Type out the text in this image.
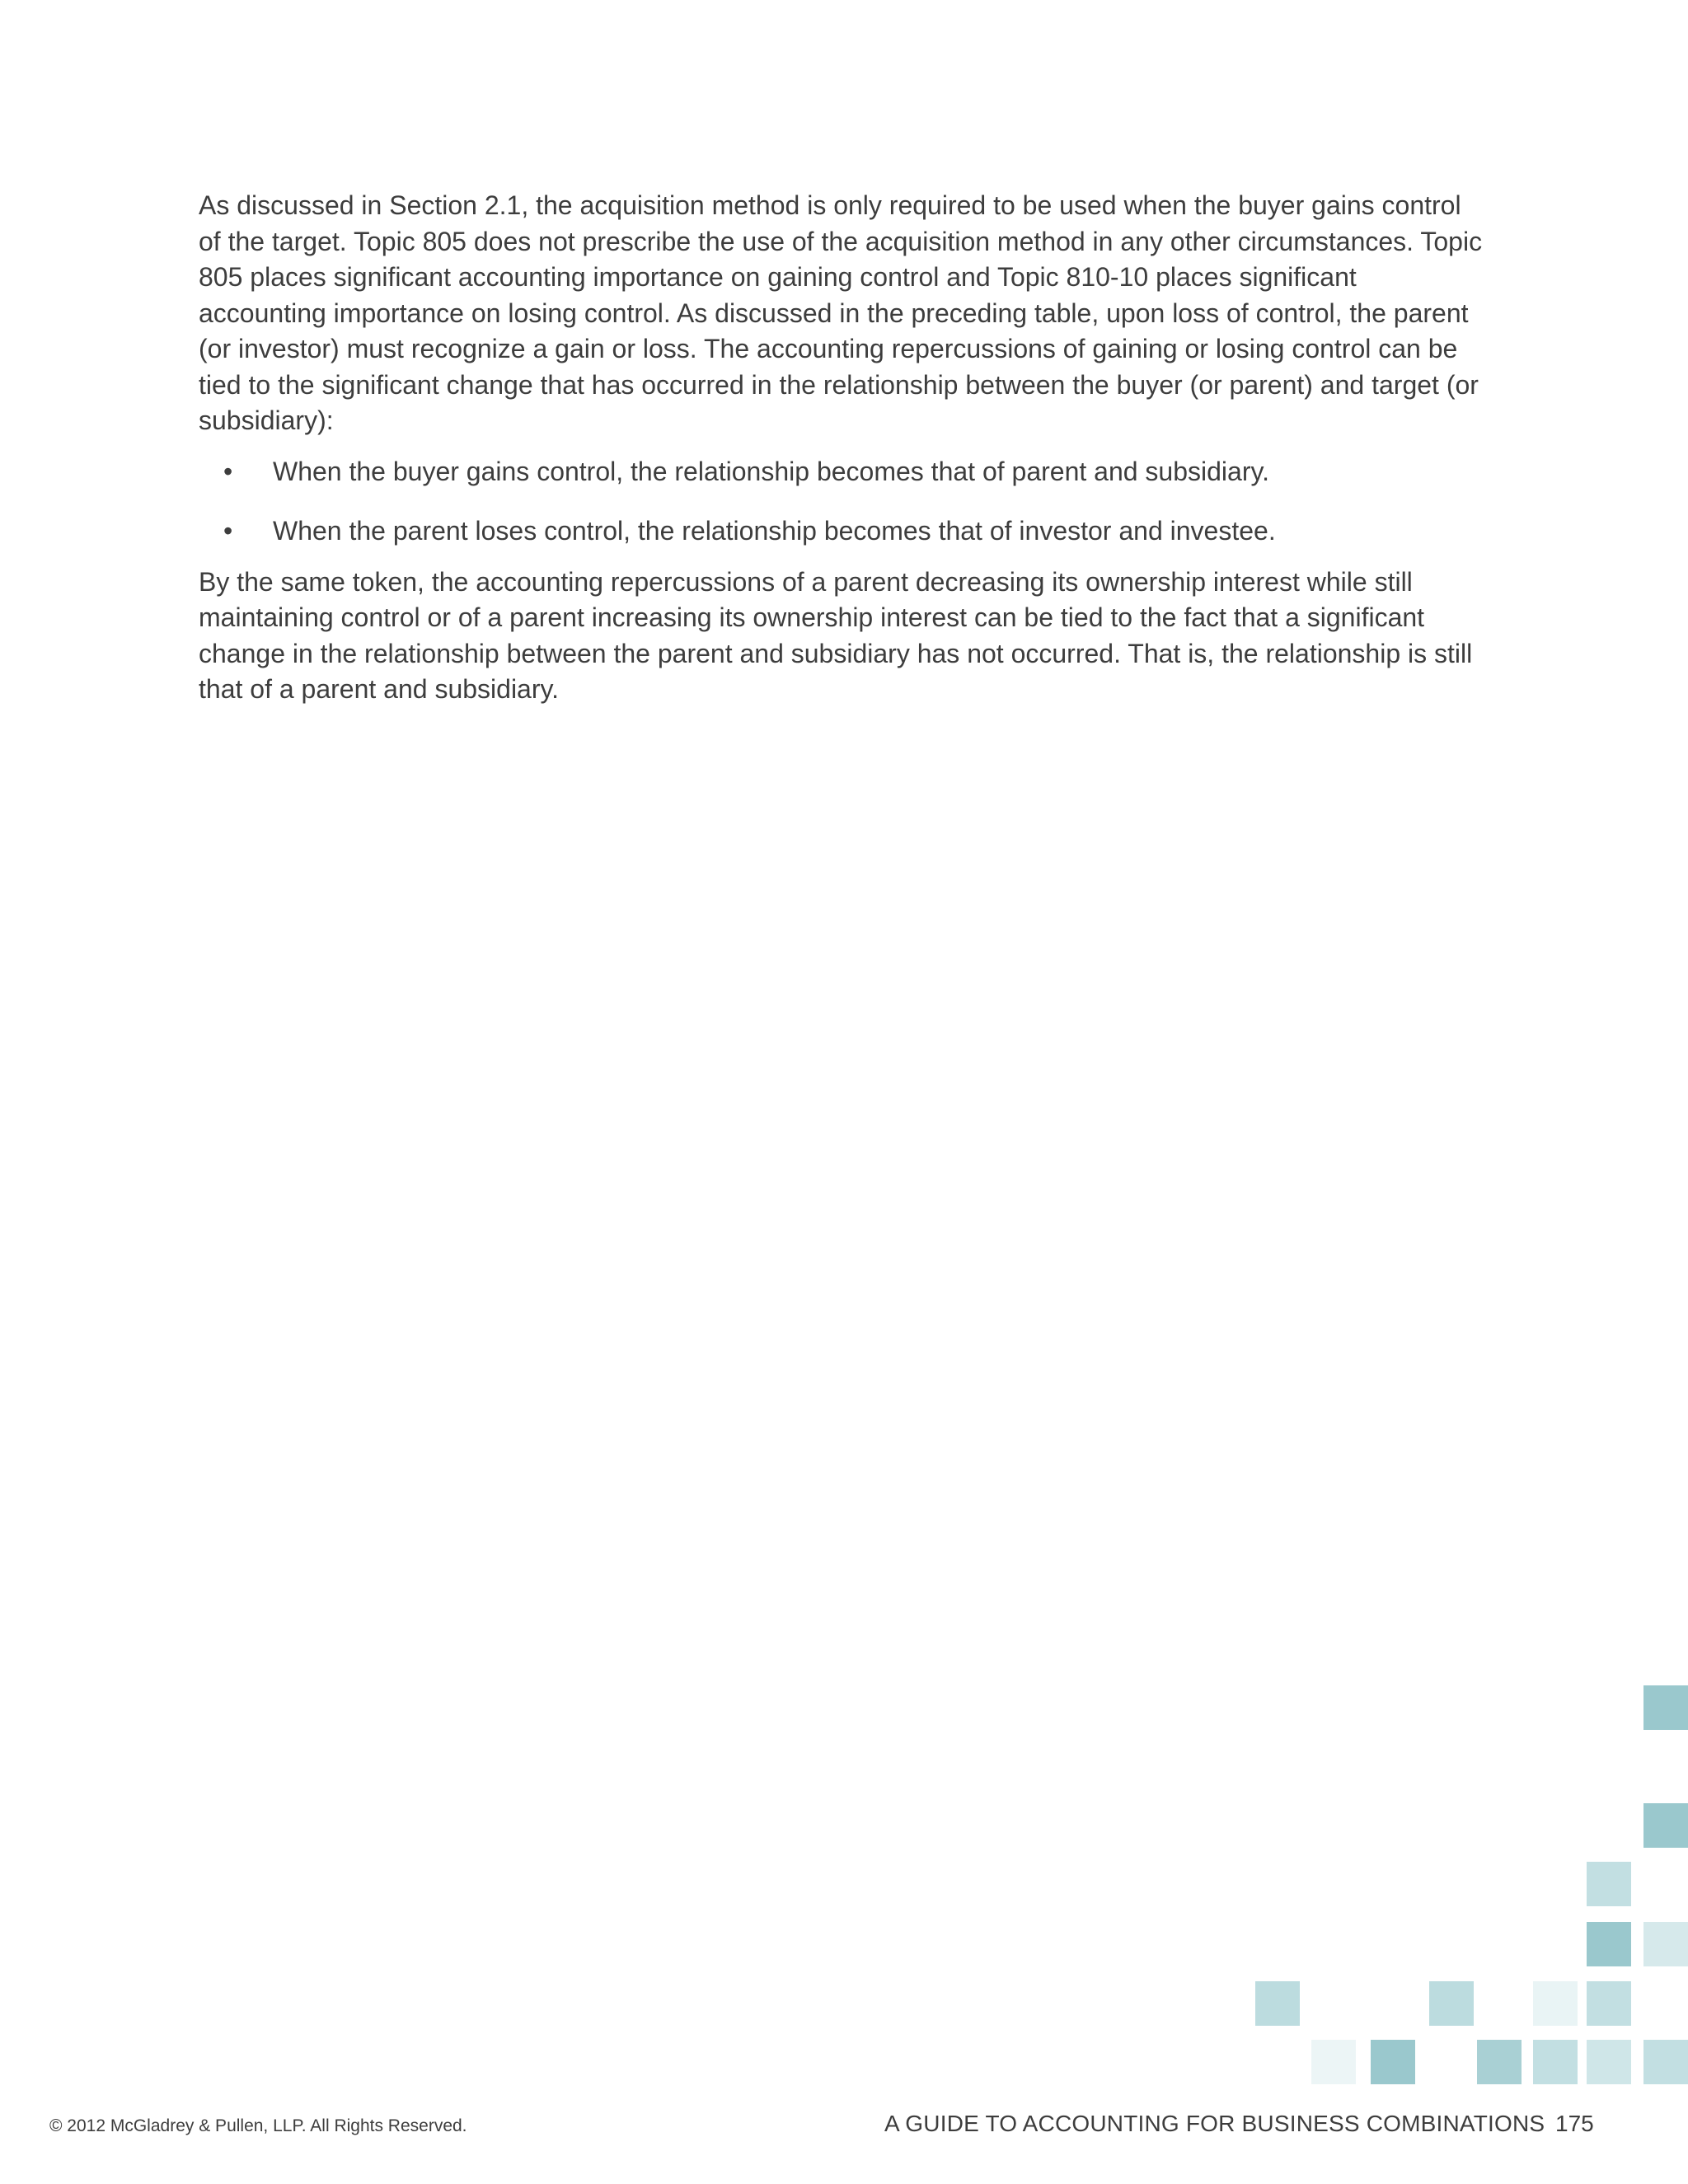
As discussed in Section 2.1, the acquisition method is only required to be used when the buyer gains control of the target. Topic 805 does not prescribe the use of the acquisition method in any other circumstances. Topic 805 places significant accounting importance on gaining control and Topic 810-10 places significant accounting importance on losing control. As discussed in the preceding table, upon loss of control, the parent (or investor) must recognize a gain or loss. The accounting repercussions of gaining or losing control can be tied to the significant change that has occurred in the relationship between the buyer (or parent) and target (or subsidiary):

• When the buyer gains control, the relationship becomes that of parent and subsidiary.
• When the parent loses control, the relationship becomes that of investor and investee.

By the same token, the accounting repercussions of a parent decreasing its ownership interest while still maintaining control or of a parent increasing its ownership interest can be tied to the fact that a significant change in the relationship between the parent and subsidiary has not occurred. That is, the relationship is still that of a parent and subsidiary.

© 2012 McGladrey & Pullen, LLP. All Rights Reserved.	A GUIDE TO ACCOUNTING FOR BUSINESS COMBINATIONS 175
